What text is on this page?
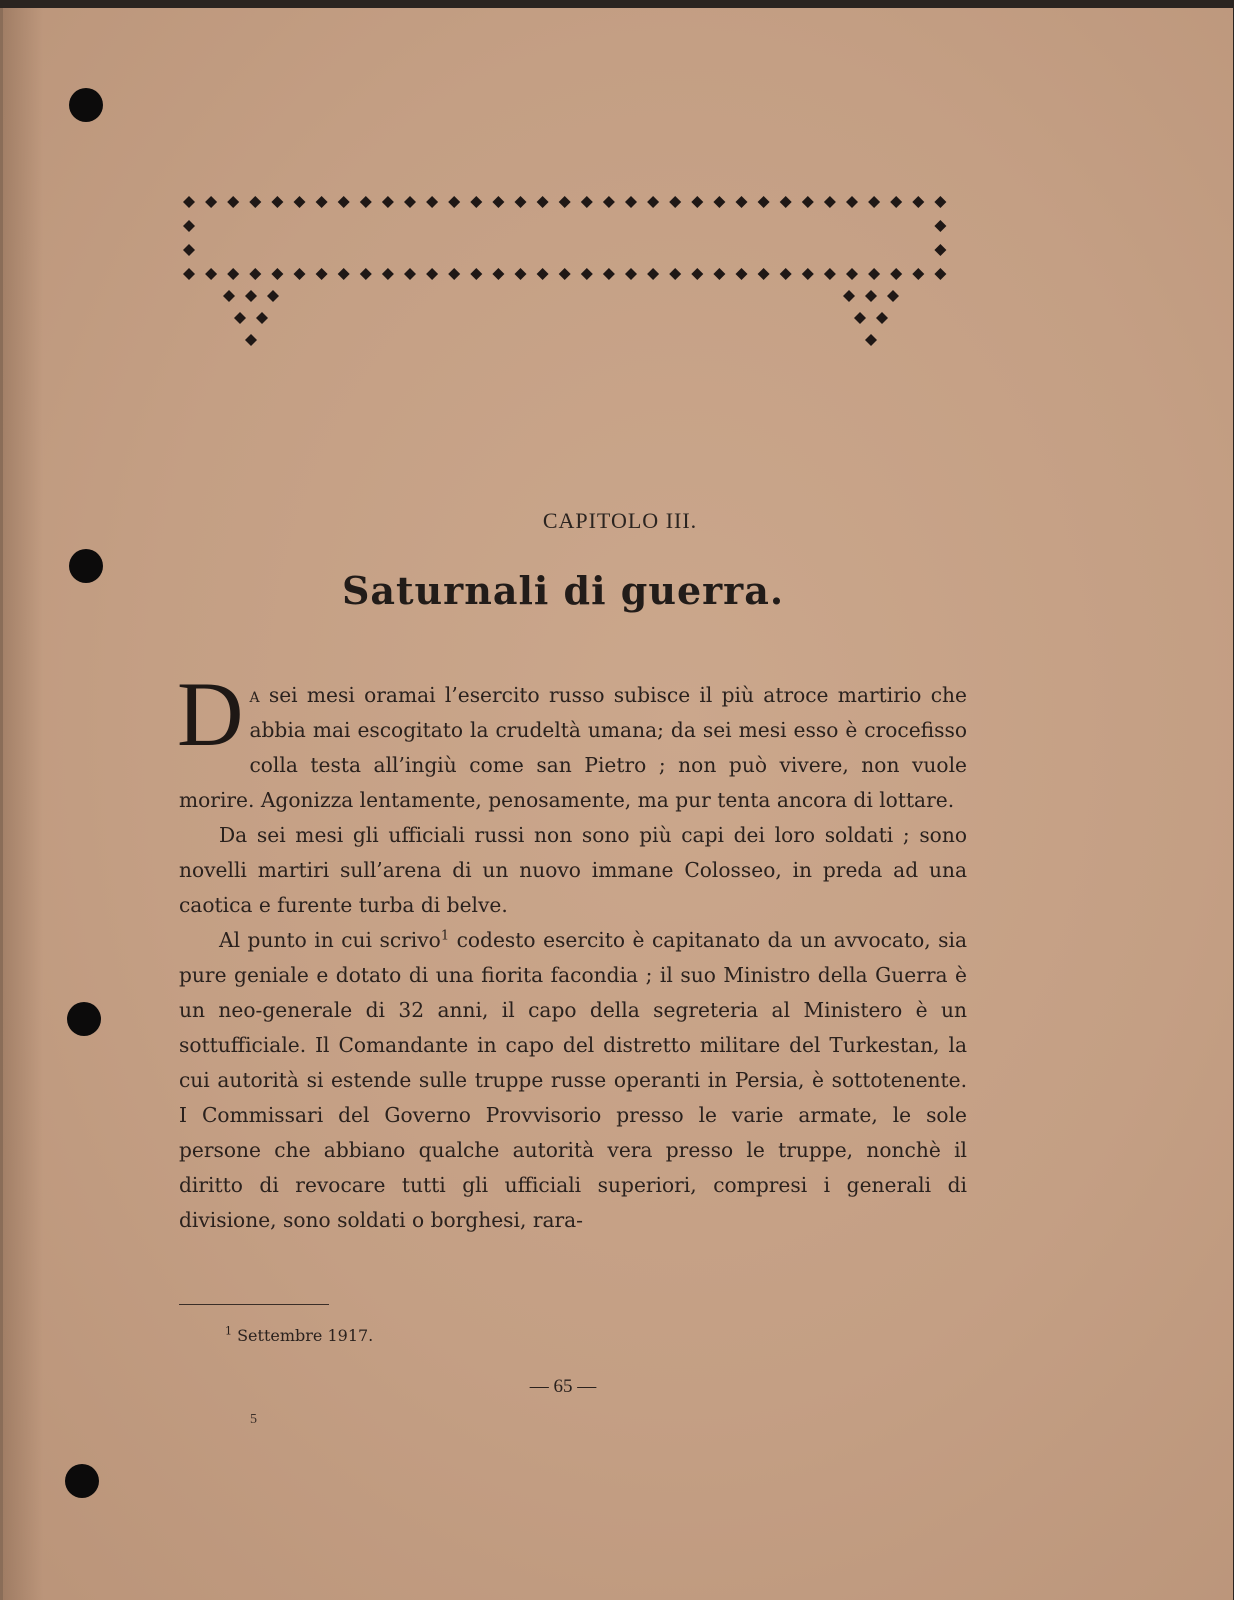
CAPITOLO III.
Saturnali di guerra.

Da sei mesi oramai l’esercito russo subisce il più atroce martirio che abbia mai escogitato la crudeltà umana; da sei mesi esso è crocefisso colla testa all’ingiù come san Pietro ; non può vivere, non vuole morire. Agonizza lentamente, penosamente, ma pur tenta ancora di lottare.

Da sei mesi gli ufficiali russi non sono più capi dei loro soldati ; sono novelli martiri sull’arena di un nuovo immane Colosseo, in preda ad una caotica e furente turba di belve.

Al punto in cui scrivo$^1$ codesto esercito è capitanato da un avvocato, sia pure geniale e dotato di una fiorita facondia ; il suo Ministro della Guerra è un neo-generale di 32 anni, il capo della segreteria al Ministero è un sottufficiale. Il Comandante in capo del distretto militare del Turkestan, la cui autorità si estende sulle truppe russe operanti in Persia, è sottotenente. I Commissari del Governo Provvisorio presso le varie armate, le sole persone che abbiano qualche autorità vera presso le truppe, nonchè il diritto di revocare tutti gli ufficiali superiori, compresi i generali di divisione, sono soldati o borghesi, rara-

$^1$ Settembre 1917.
— 65 —
5
